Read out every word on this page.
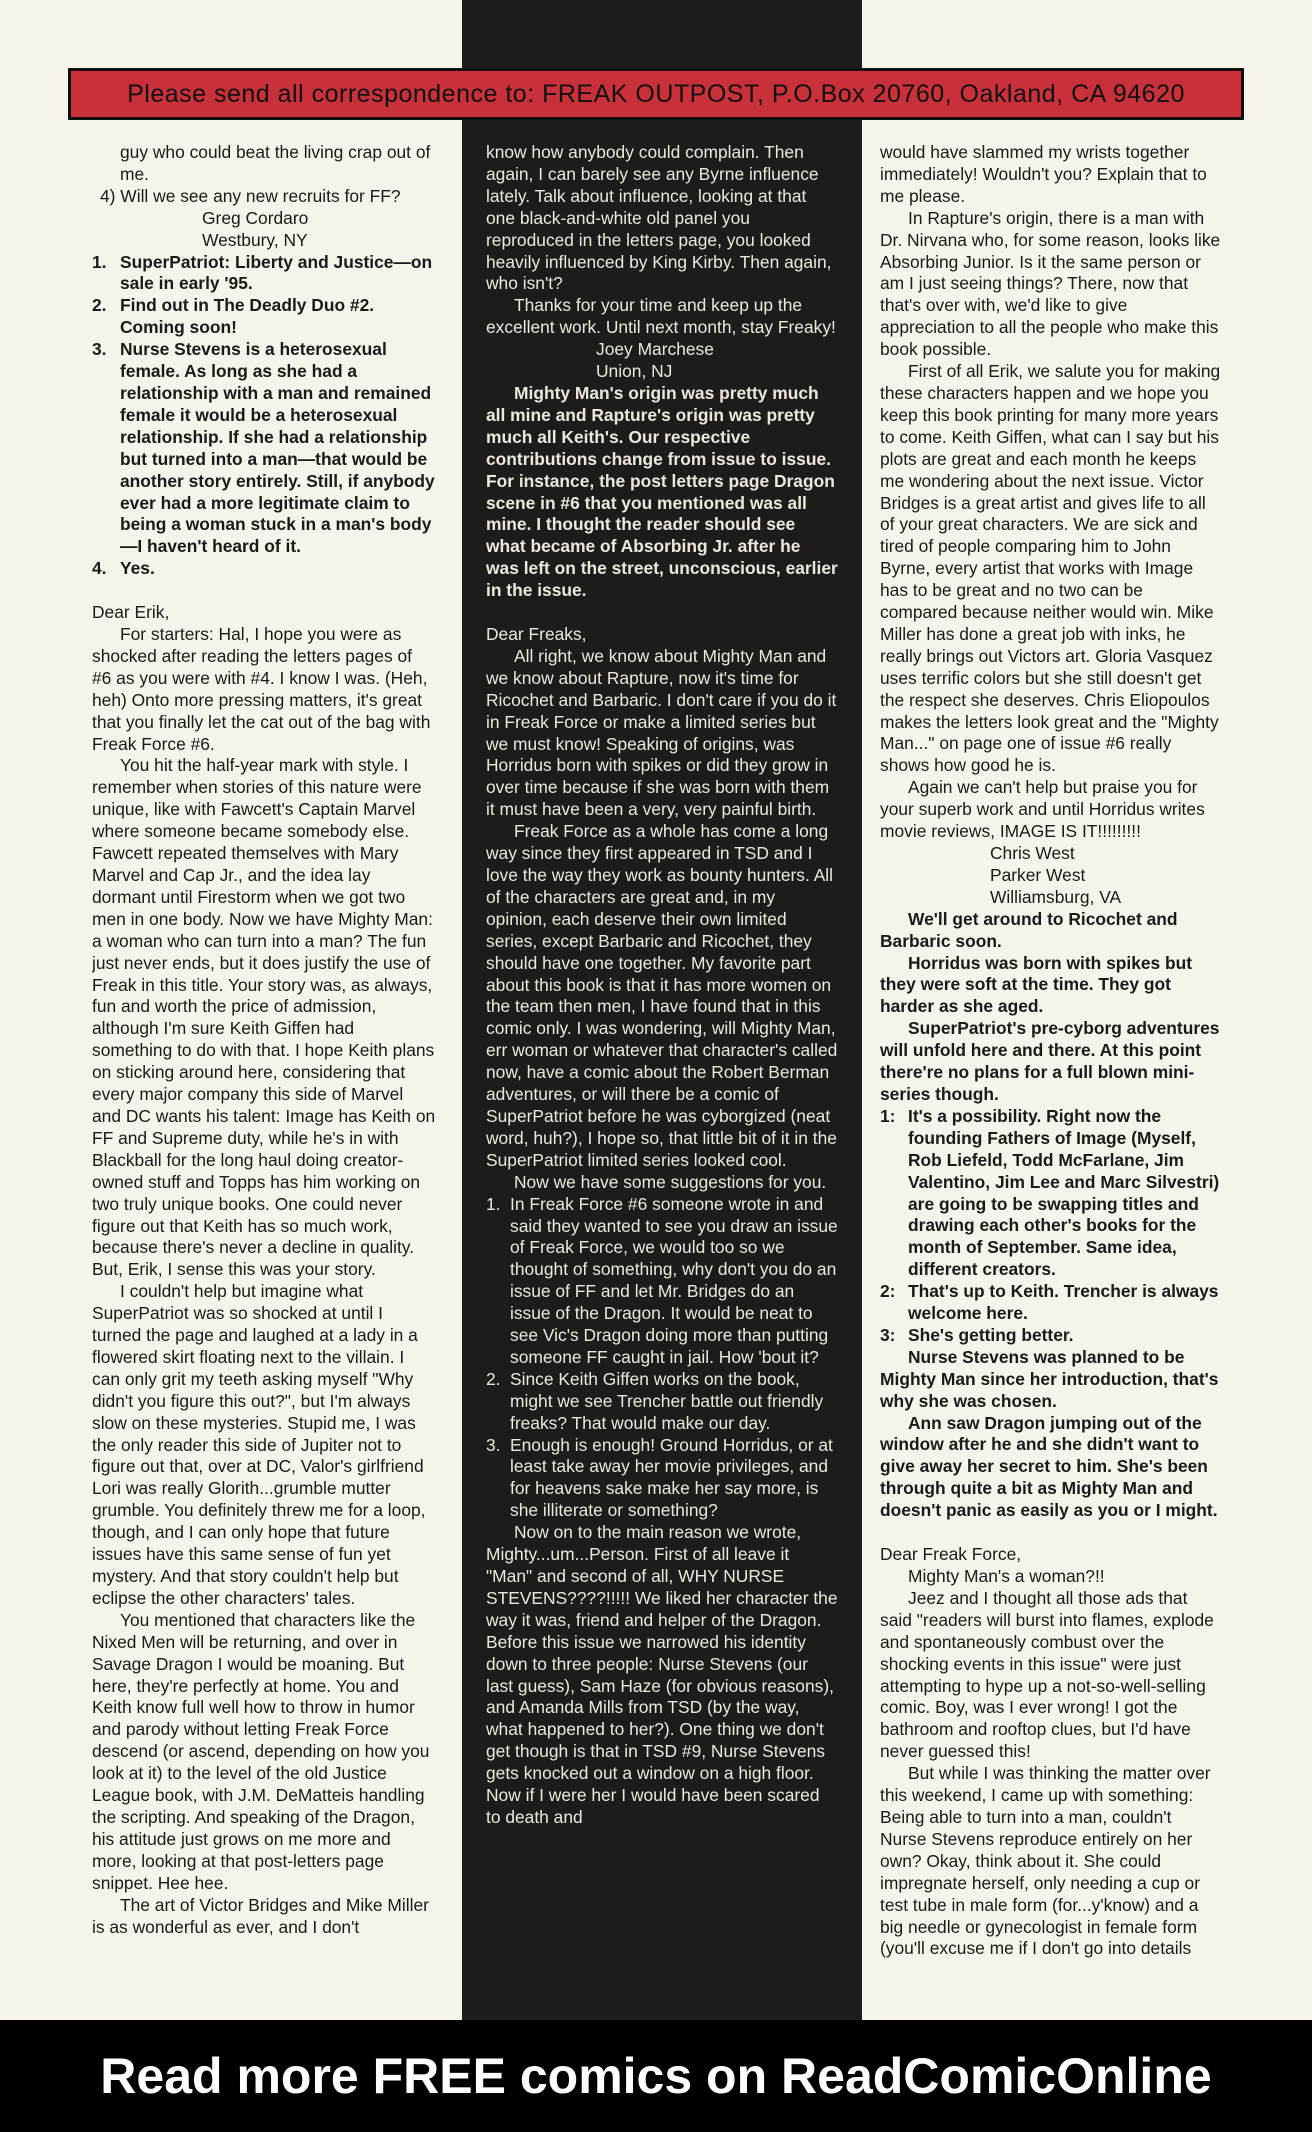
Please send all correspondence to: FREAK OUTPOST, P.O.Box 20760, Oakland, CA 94620

guy who could beat the living crap out of me.

4) Will we see any new recruits for FF?

Greg Cordaro
Westbury, NY
1. SuperPatriot: Liberty and Justice—on sale in early '95.
2. Find out in The Deadly Duo #2. Coming soon!
3. Nurse Stevens is a heterosexual female. As long as she had a relationship with a man and remained female it would be a heterosexual relationship. If she had a relationship but turned into a man—that would be another story entirely. Still, if anybody ever had a more legitimate claim to being a woman stuck in a man's body—I haven't heard of it.
4. Yes.

Dear Erik,

For starters: Hal, I hope you were as shocked after reading the letters pages of #6 as you were with #4. I know I was. (Heh, heh) Onto more pressing matters, it's great that you finally let the cat out of the bag with Freak Force #6.

You hit the half-year mark with style. I remember when stories of this nature were unique, like with Fawcett's Captain Marvel where someone became somebody else. Fawcett repeated themselves with Mary Marvel and Cap Jr., and the idea lay dormant until Firestorm when we got two men in one body. Now we have Mighty Man: a woman who can turn into a man? The fun just never ends, but it does justify the use of Freak in this title. Your story was, as always, fun and worth the price of admission, although I'm sure Keith Giffen had something to do with that. I hope Keith plans on sticking around here, considering that every major company this side of Marvel and DC wants his talent: Image has Keith on FF and Supreme duty, while he's in with Blackball for the long haul doing creator-owned stuff and Topps has him working on two truly unique books. One could never figure out that Keith has so much work, because there's never a decline in quality. But, Erik, I sense this was your story.

I couldn't help but imagine what SuperPatriot was so shocked at until I turned the page and laughed at a lady in a flowered skirt floating next to the villain. I can only grit my teeth asking myself "Why didn't you figure this out?", but I'm always slow on these mysteries. Stupid me, I was the only reader this side of Jupiter not to figure out that, over at DC, Valor's girlfriend Lori was really Glorith...grumble mutter grumble. You definitely threw me for a loop, though, and I can only hope that future issues have this same sense of fun yet mystery. And that story couldn't help but eclipse the other characters' tales.

You mentioned that characters like the Nixed Men will be returning, and over in Savage Dragon I would be moaning. But here, they're perfectly at home. You and Keith know full well how to throw in humor and parody without letting Freak Force descend (or ascend, depending on how you look at it) to the level of the old Justice League book, with J.M. DeMatteis handling the scripting. And speaking of the Dragon, his attitude just grows on me more and more, looking at that post-letters page snippet. Hee hee.

The art of Victor Bridges and Mike Miller is as wonderful as ever, and I don't

know how anybody could complain. Then again, I can barely see any Byrne influence lately. Talk about influence, looking at that one black-and-white old panel you reproduced in the letters page, you looked heavily influenced by King Kirby. Then again, who isn't?

Thanks for your time and keep up the excellent work. Until next month, stay Freaky!

Joey Marchese
Union, NJ

Mighty Man's origin was pretty much all mine and Rapture's origin was pretty much all Keith's. Our respective contributions change from issue to issue. For instance, the post letters page Dragon scene in #6 that you mentioned was all mine. I thought the reader should see what became of Absorbing Jr. after he was left on the street, unconscious, earlier in the issue.

Dear Freaks,

All right, we know about Mighty Man and we know about Rapture, now it's time for Ricochet and Barbaric. I don't care if you do it in Freak Force or make a limited series but we must know! Speaking of origins, was Horridus born with spikes or did they grow in over time because if she was born with them it must have been a very, very painful birth.

Freak Force as a whole has come a long way since they first appeared in TSD and I love the way they work as bounty hunters. All of the characters are great and, in my opinion, each deserve their own limited series, except Barbaric and Ricochet, they should have one together. My favorite part about this book is that it has more women on the team then men, I have found that in this comic only. I was wondering, will Mighty Man, err woman or whatever that character's called now, have a comic about the Robert Berman adventures, or will there be a comic of SuperPatriot before he was cyborgized (neat word, huh?), I hope so, that little bit of it in the SuperPatriot limited series looked cool.

Now we have some suggestions for you.

1. In Freak Force #6 someone wrote in and said they wanted to see you draw an issue of Freak Force, we would too so we thought of something, why don't you do an issue of FF and let Mr. Bridges do an issue of the Dragon. It would be neat to see Vic's Dragon doing more than putting someone FF caught in jail. How 'bout it?
2. Since Keith Giffen works on the book, might we see Trencher battle out friendly freaks? That would make our day.
3. Enough is enough! Ground Horridus, or at least take away her movie privileges, and for heavens sake make her say more, is she illiterate or something?

Now on to the main reason we wrote, Mighty...um...Person. First of all leave it "Man" and second of all, WHY NURSE STEVENS????!!!!! We liked her character the way it was, friend and helper of the Dragon. Before this issue we narrowed his identity down to three people: Nurse Stevens (our last guess), Sam Haze (for obvious reasons), and Amanda Mills from TSD (by the way, what happened to her?). One thing we don't get though is that in TSD #9, Nurse Stevens gets knocked out a window on a high floor. Now if I were her I would have been scared to death and

would have slammed my wrists together immediately! Wouldn't you? Explain that to me please.

In Rapture's origin, there is a man with Dr. Nirvana who, for some reason, looks like Absorbing Junior. Is it the same person or am I just seeing things? There, now that that's over with, we'd like to give appreciation to all the people who make this book possible.

First of all Erik, we salute you for making these characters happen and we hope you keep this book printing for many more years to come. Keith Giffen, what can I say but his plots are great and each month he keeps me wondering about the next issue. Victor Bridges is a great artist and gives life to all of your great characters. We are sick and tired of people comparing him to John Byrne, every artist that works with Image has to be great and no two can be compared because neither would win. Mike Miller has done a great job with inks, he really brings out Victors art. Gloria Vasquez uses terrific colors but she still doesn't get the respect she deserves. Chris Eliopoulos makes the letters look great and the "Mighty Man..." on page one of issue #6 really shows how good he is.

Again we can't help but praise you for your superb work and until Horridus writes movie reviews, IMAGE IS IT!!!!!!!!!

Chris West
Parker West
Williamsburg, VA

We'll get around to Ricochet and Barbaric soon.

Horridus was born with spikes but they were soft at the time. They got harder as she aged.

SuperPatriot's pre-cyborg adventures will unfold here and there. At this point there're no plans for a full blown mini-series though.

1: It's a possibility. Right now the founding Fathers of Image (Myself, Rob Liefeld, Todd McFarlane, Jim Valentino, Jim Lee and Marc Silvestri) are going to be swapping titles and drawing each other's books for the month of September. Same idea, different creators.
2: That's up to Keith. Trencher is always welcome here.
3: She's getting better.

Nurse Stevens was planned to be Mighty Man since her introduction, that's why she was chosen.

Ann saw Dragon jumping out of the window after he and she didn't want to give away her secret to him. She's been through quite a bit as Mighty Man and doesn't panic as easily as you or I might.

Dear Freak Force,

Mighty Man's a woman?!!

Jeez and I thought all those ads that said "readers will burst into flames, explode and spontaneously combust over the shocking events in this issue" were just attempting to hype up a not-so-well-selling comic. Boy, was I ever wrong! I got the bathroom and rooftop clues, but I'd have never guessed this!

But while I was thinking the matter over this weekend, I came up with something: Being able to turn into a man, couldn't Nurse Stevens reproduce entirely on her own? Okay, think about it. She could impregnate herself, only needing a cup or test tube in male form (for...y'know) and a big needle or gynecologist in female form (you'll excuse me if I don't go into details

Read more FREE comics on ReadComicOnline
